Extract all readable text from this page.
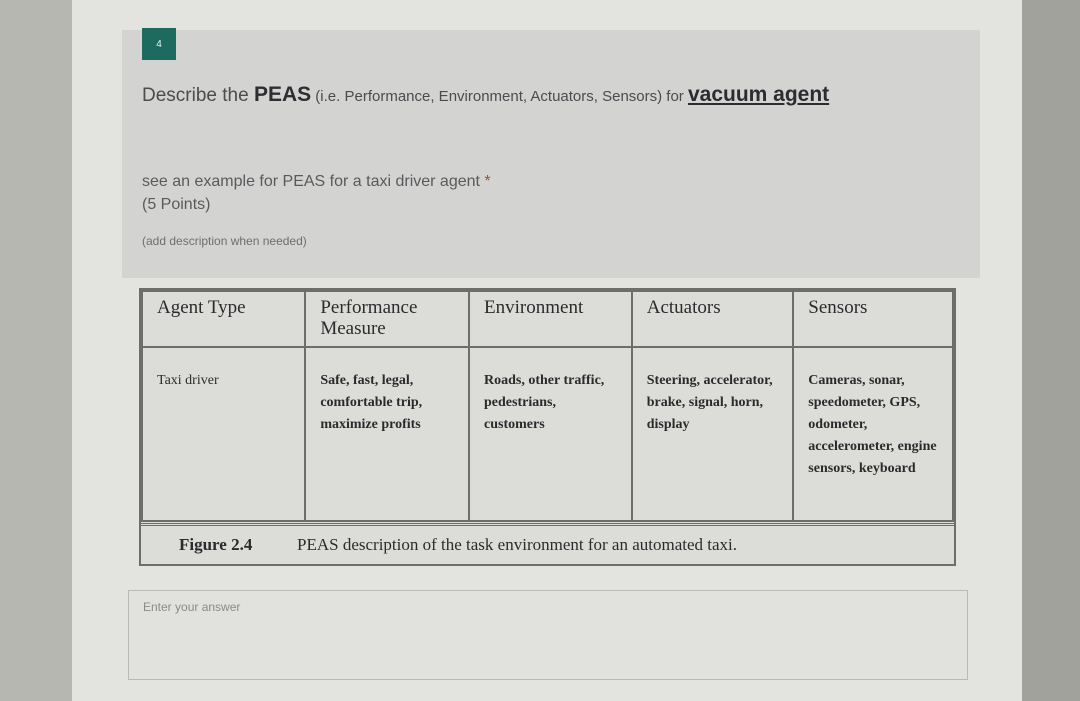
4
Describe the PEAS (i.e. Performance, Environment, Actuators, Sensors) for vacuum agent
see an example for PEAS for a taxi driver agent *
(5 Points)
(add description when needed)
Agent Type	Performance Measure	Environment	Actuators	Sensors
Taxi driver	Safe, fast, legal, comfortable trip, maximize profits	Roads, other traffic, pedestrians, customers	Steering, accelerator, brake, signal, horn, display	Cameras, sonar, speedometer, GPS, odometer, accelerometer, engine sensors, keyboard
Figure 2.4	PEAS description of the task environment for an automated taxi.
Enter your answer
